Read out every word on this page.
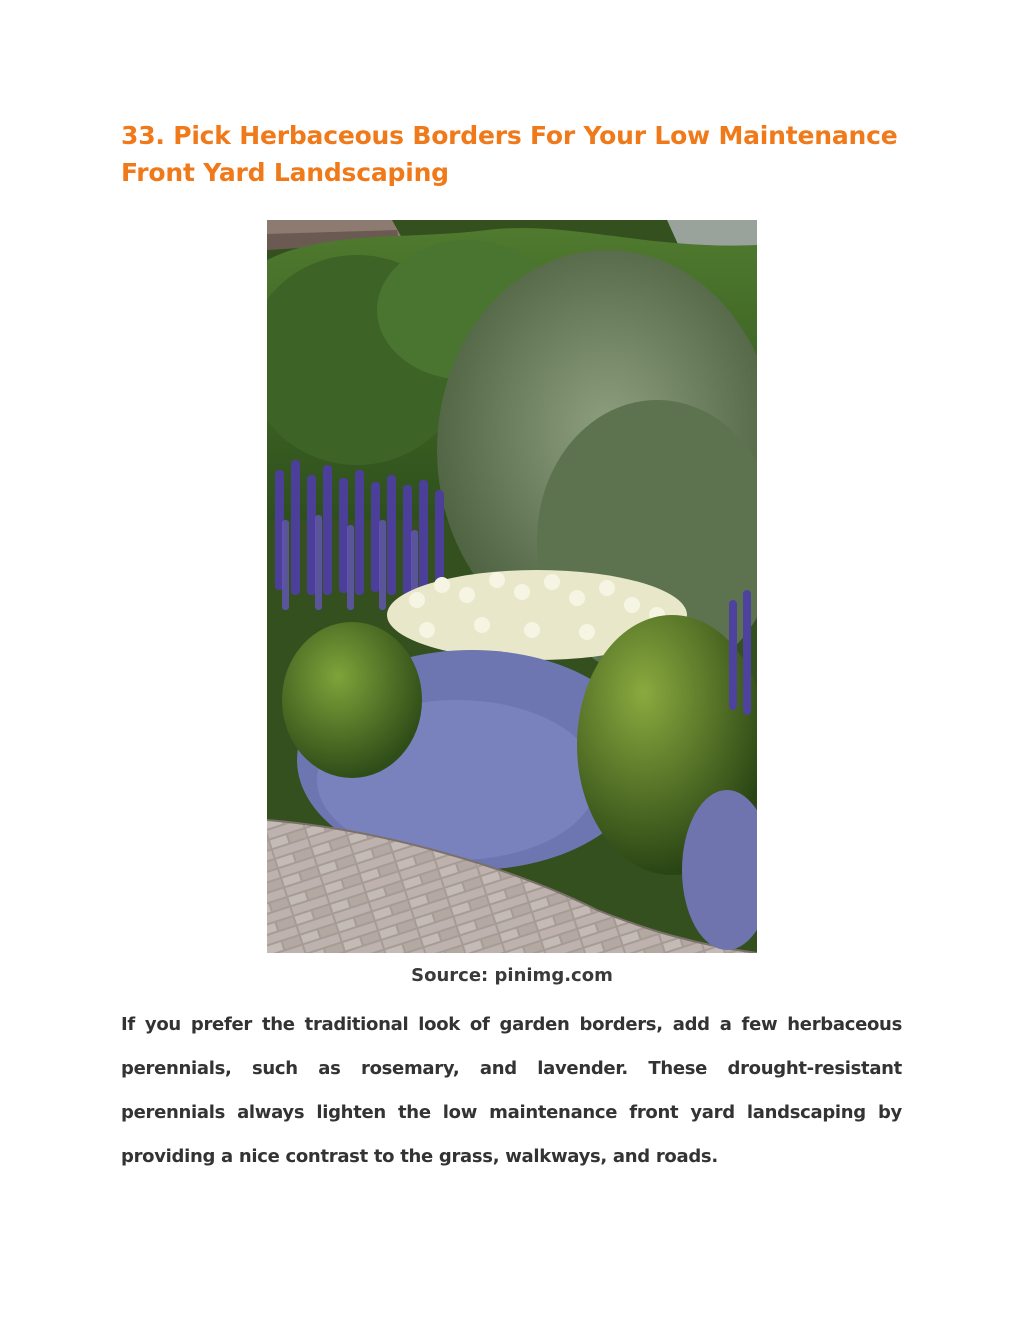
33. Pick Herbaceous Borders For Your Low Maintenance Front Yard Landscaping

Source: pinimg.com

If you prefer the traditional look of garden borders, add a few herbaceous perennials, such as rosemary, and lavender. These drought-resistant perennials always lighten the low maintenance front yard landscaping by providing a nice contrast to the grass, walkways, and roads.
